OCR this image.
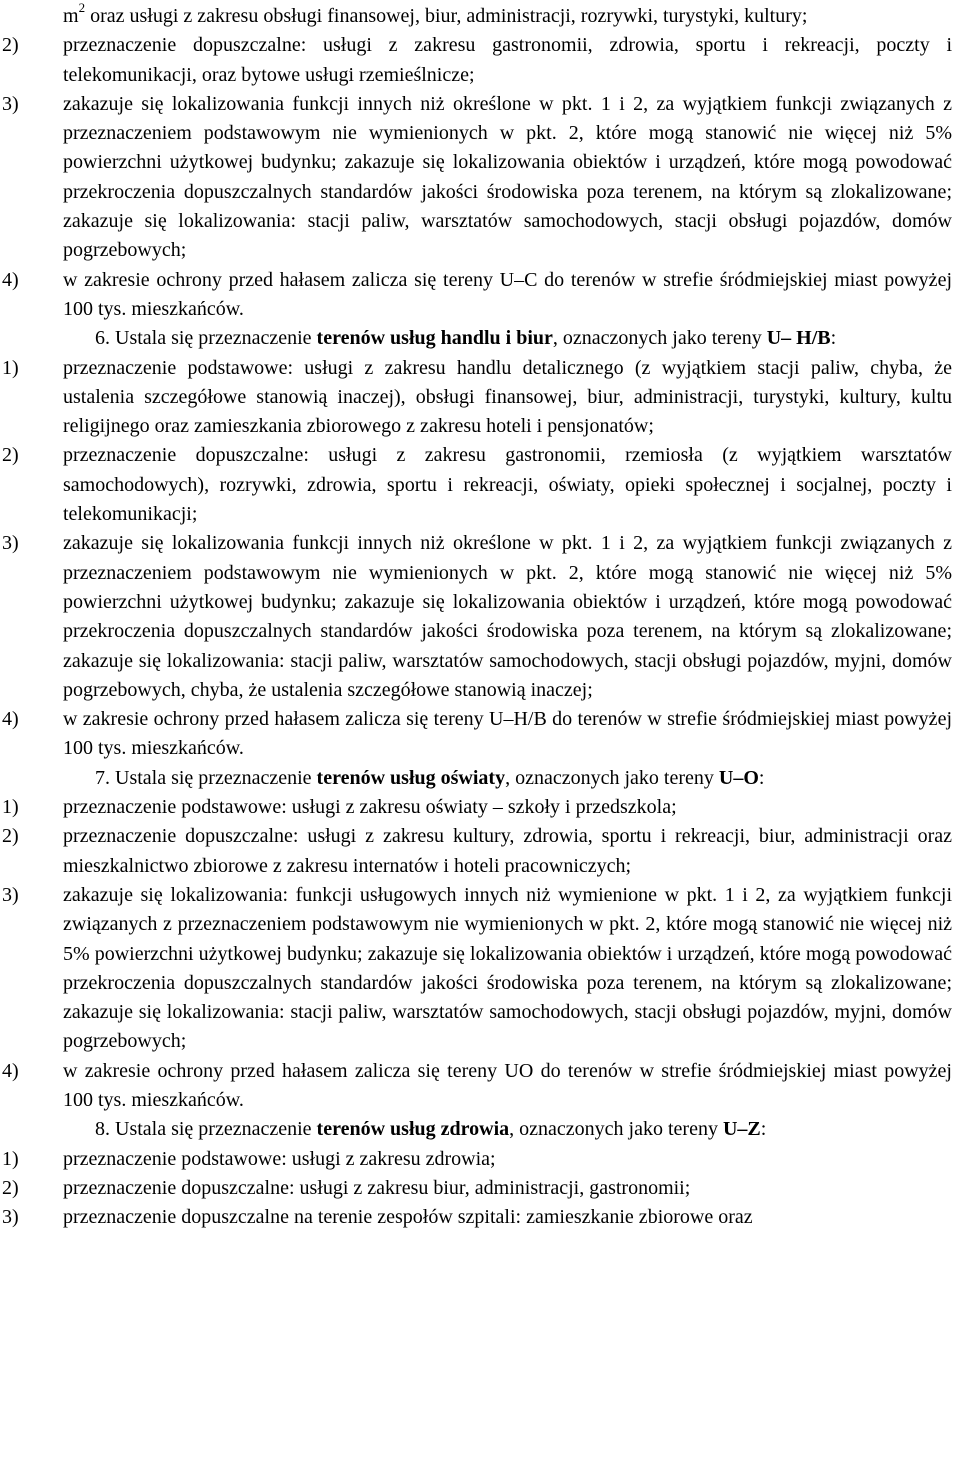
$m^2$ oraz usługi z zakresu obsługi finansowej, biur, administracji, rozrywki, turystyki, kultury;
2)	przeznaczenie dopuszczalne: usługi z zakresu gastronomii, zdrowia, sportu i rekreacji, poczty i telekomunikacji, oraz bytowe usługi rzemieślnicze;
3)	zakazuje się lokalizowania funkcji innych niż określone w pkt. 1 i 2, za wyjątkiem funkcji związanych z przeznaczeniem podstawowym nie wymienionych w pkt. 2, które mogą stanowić nie więcej niż 5% powierzchni użytkowej budynku; zakazuje się lokalizowania obiektów i urządzeń, które mogą powodować przekroczenia dopuszczalnych standardów jakości środowiska poza terenem, na którym są zlokalizowane; zakazuje się lokalizowania: stacji paliw, warsztatów samochodowych, stacji obsługi pojazdów, domów pogrzebowych;
4)	w zakresie ochrony przed hałasem zalicza się tereny U–C do terenów w strefie śródmiejskiej miast powyżej 100 tys. mieszkańców.
6. Ustala się przeznaczenie terenów usług handlu i biur, oznaczonych jako tereny U– H/B:
1)	przeznaczenie podstawowe: usługi z zakresu handlu detalicznego (z wyjątkiem stacji paliw, chyba, że ustalenia szczegółowe stanowią inaczej), obsługi finansowej, biur, administracji, turystyki, kultury, kultu religijnego oraz zamieszkania zbiorowego z zakresu hoteli i pensjonatów;
2)	przeznaczenie dopuszczalne: usługi z zakresu gastronomii, rzemiosła (z wyjątkiem warsztatów samochodowych), rozrywki, zdrowia, sportu i rekreacji, oświaty, opieki społecznej i socjalnej, poczty i telekomunikacji;
3)	zakazuje się lokalizowania funkcji innych niż określone w pkt. 1 i 2, za wyjątkiem funkcji związanych z przeznaczeniem podstawowym nie wymienionych w pkt. 2, które mogą stanowić nie więcej niż 5% powierzchni użytkowej budynku; zakazuje się lokalizowania obiektów i urządzeń, które mogą powodować przekroczenia dopuszczalnych standardów jakości środowiska poza terenem, na którym są zlokalizowane; zakazuje się lokalizowania: stacji paliw, warsztatów samochodowych, stacji obsługi pojazdów, myjni, domów pogrzebowych, chyba, że ustalenia szczegółowe stanowią inaczej;
4)	w zakresie ochrony przed hałasem zalicza się tereny U–H/B do terenów w strefie śródmiejskiej miast powyżej 100 tys. mieszkańców.
7. Ustala się przeznaczenie terenów usług oświaty, oznaczonych jako tereny U–O:
1)	przeznaczenie podstawowe: usługi z zakresu oświaty – szkoły i przedszkola;
2)	przeznaczenie dopuszczalne: usługi z zakresu kultury, zdrowia, sportu i rekreacji, biur, administracji oraz mieszkalnictwo zbiorowe z zakresu internatów i hoteli pracowniczych;
3)	zakazuje się lokalizowania: funkcji usługowych innych niż wymienione w pkt. 1 i 2, za wyjątkiem funkcji związanych z przeznaczeniem podstawowym nie wymienionych w pkt. 2, które mogą stanowić nie więcej niż 5% powierzchni użytkowej budynku; zakazuje się lokalizowania obiektów i urządzeń, które mogą powodować przekroczenia dopuszczalnych standardów jakości środowiska poza terenem, na którym są zlokalizowane; zakazuje się lokalizowania: stacji paliw, warsztatów samochodowych, stacji obsługi pojazdów, myjni, domów pogrzebowych;
4)	w zakresie ochrony przed hałasem zalicza się tereny UO do terenów w strefie śródmiejskiej miast powyżej 100 tys. mieszkańców.
8. Ustala się przeznaczenie terenów usług zdrowia, oznaczonych jako tereny U–Z:
1)	przeznaczenie podstawowe: usługi z zakresu zdrowia;
2)	przeznaczenie dopuszczalne: usługi z zakresu biur, administracji, gastronomii;
3)	przeznaczenie dopuszczalne na terenie zespołów szpitali: zamieszkanie zbiorowe oraz
